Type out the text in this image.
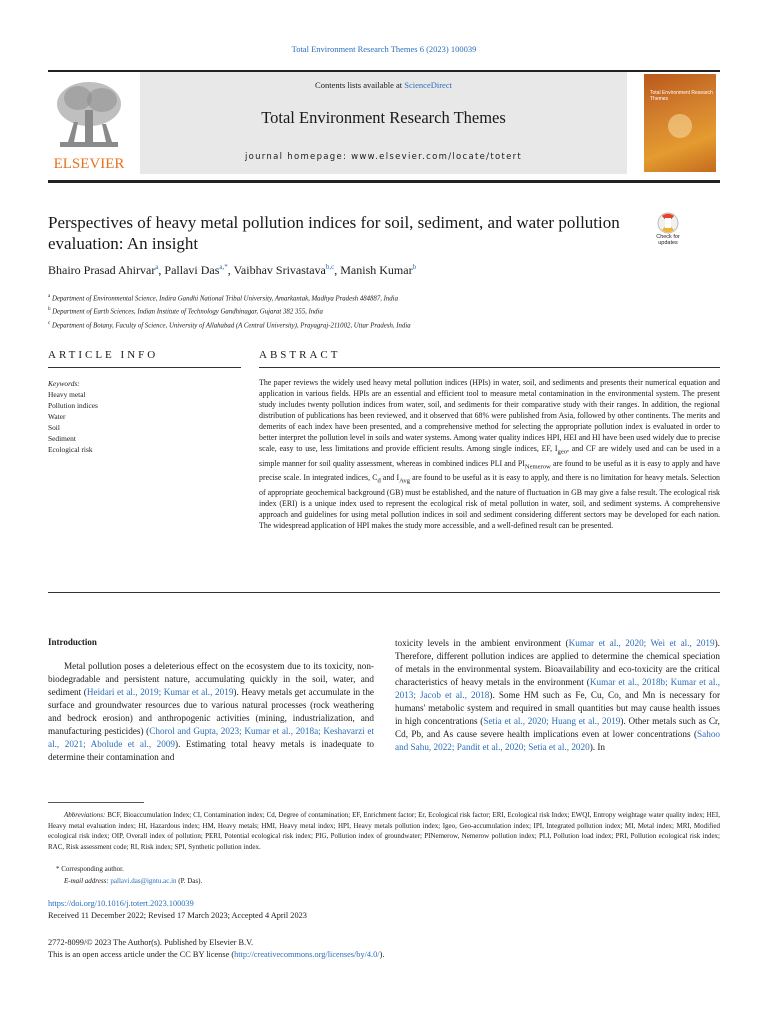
Total Environment Research Themes 6 (2023) 100039
ELSEVIER
Contents lists available at ScienceDirect
Total Environment Research Themes
journal homepage: www.elsevier.com/locate/totert
Total Environment Research Themes
Perspectives of heavy metal pollution indices for soil, sediment, and water pollution evaluation: An insight	Check for updates
Bhairo Prasad Ahirvar$^a$, Pallavi Das$^{a,*}$, Vaibhav Srivastava$^{b,c}$, Manish Kumar$^b$
$^a$ Department of Environmental Science, Indira Gandhi National Tribal University, Amarkantak, Madhya Pradesh 484887, India
$^b$ Department of Earth Sciences, Indian Institute of Technology Gandhinagar, Gujarat 382 355, India
$^c$ Department of Botany, Faculty of Science, University of Allahabad (A Central University), Prayagraj-211002, Uttar Pradesh, India
ARTICLE INFO	ABSTRACT
Keywords:
Heavy metal
Pollution indices
Water
Soil
Sediment
Ecological risk
The paper reviews the widely used heavy metal pollution indices (HPIs) in water, soil, and sediments and presents their numerical equation and application in various fields. HPIs are an essential and efficient tool to measure metal contamination in the environmental system. The present study includes twenty pollution indices from water, soil, and sediments for their comparative study with their ranges. In addition, the regional distribution of publications has been reviewed, and it observed that 68% were published from Asia, followed by other continents. The merits and demerits of each index have been presented, and a comprehensive method for selecting the appropriate pollution index is evaluated in order to better interpret the pollution level in soils and water systems. Among water quality indices HPI, HEI and HI have been used widely due to precise scale, easy to use, less limitations and provide efficient results. Among single indices, EF, $I_{geo}$, and CF are widely used and can be used in a simple manner for soil quality assessment, whereas in combined indices PLI and $PI_{Nemerow}$ are found to be useful as it is easy to apply and have precise scale. In integrated indices, $C_d$ and $I_{Avg}$ are found to be useful as it is easy to apply, and there is no limitation for heavy metals. Selection of appropriate geochemical background (GB) must be established, and the nature of fluctuation in GB may give a false result. The ecological risk index (ERI) is a unique index used to represent the ecological risk of metal pollution in water, soil, and sediment systems. A comprehensive approach and guidelines for using metal pollution indices in soil and sediment considering different sectors may be developed for each nation. The widespread application of HPI makes the study more accessible, and a well-defined result can be presented.
Introduction
Metal pollution poses a deleterious effect on the ecosystem due to its toxicity, non-biodegradable and persistent nature, accumulating quickly in the soil, water, and sediment (Heidari et al., 2019; Kumar et al., 2019). Heavy metals get accumulate in the surface and groundwater resources due to various natural processes (rock weathering and bedrock erosion) and anthropogenic activities (mining, industrialization, and manufacturing pesticides) (Chorol and Gupta, 2023; Kumar et al., 2018a; Keshavarzi et al., 2021; Abolude et al., 2009). Estimating total heavy metals is inadequate to determine their contamination and
toxicity levels in the ambient environment (Kumar et al., 2020; Wei et al., 2019). Therefore, different pollution indices are applied to determine the chemical speciation of metals in the environmental system. Bioavailability and eco-toxicity are the critical characteristics of heavy metals in the environment (Kumar et al., 2018b; Kumar et al., 2013; Jacob et al., 2018). Some HM such as Fe, Cu, Co, and Mn is necessary for humans' metabolic system and required in small quantities but may cause health issues in high concentrations (Setia et al., 2020; Huang et al., 2019). Other metals such as Cr, Cd, Pb, and As cause severe health implications even at lower concentrations (Sahoo and Sahu, 2022; Pandit et al., 2020; Setia et al., 2020). In
Abbreviations: BCF, Bioaccumulation Index; CI, Contamination index; Cd, Degree of contamination; EF, Enrichment factor; Er, Ecological risk factor; ERI, Ecological risk Index; EWQI, Entropy weightage water quality index; HEI, Heavy metal evaluation index; HI, Hazardous index; HM, Heavy metals; HMI, Heavy metal index; HPI, Heavy metals pollution index; Igeo, Geo-accumulation index; IPI, Integrated pollution index; MI, Metal index; MRI, Modified ecological risk index; OIP, Overall index of pollution; PERI, Potential ecological risk index; PIG, Pollution index of groundwater; PINemerow, Nemerow pollution index; PLI, Pollution load index; PRI, Pollution ecological risk index; RAC, Risk assessment code; RI, Risk index; SPI, Synthetic pollution index.
* Corresponding author.
E-mail address: pallavi.das@igntu.ac.in (P. Das).
https://doi.org/10.1016/j.totert.2023.100039
Received 11 December 2022; Revised 17 March 2023; Accepted 4 April 2023
2772-8099/© 2023 The Author(s). Published by Elsevier B.V.
This is an open access article under the CC BY license (http://creativecommons.org/licenses/by/4.0/).
